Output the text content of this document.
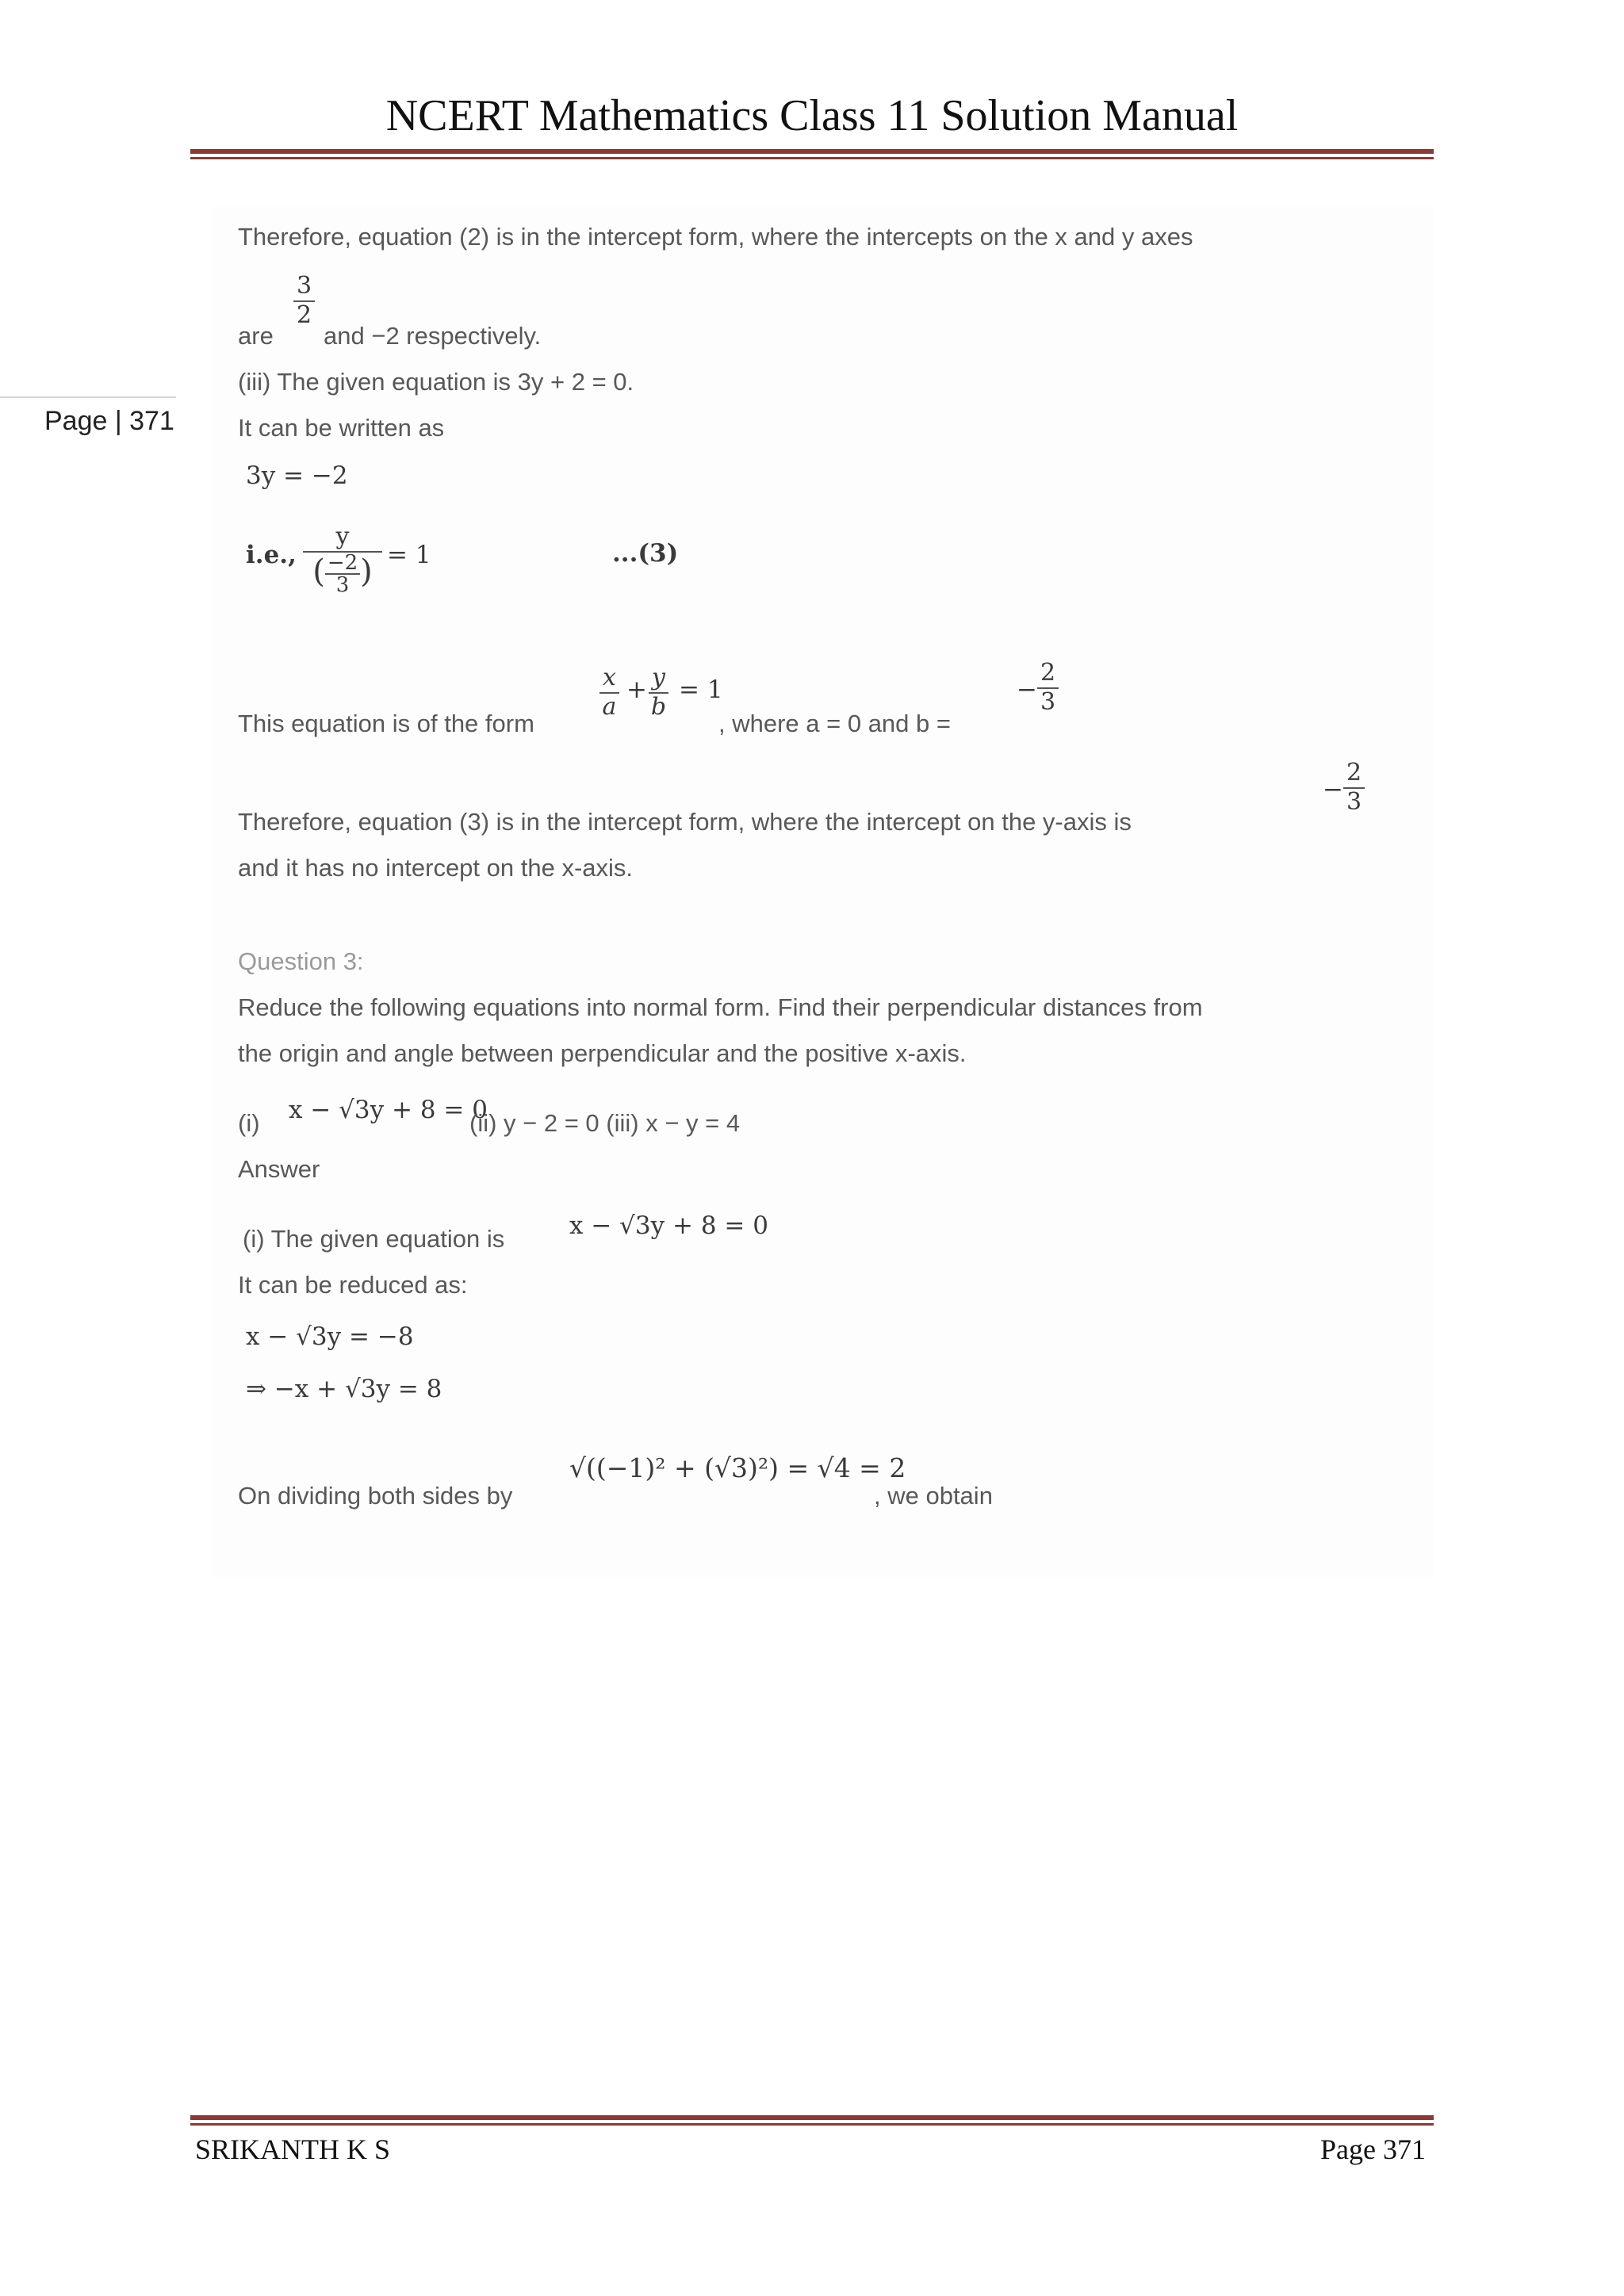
NCERT Mathematics Class 11 Solution Manual
Page | 371
Therefore, equation (2) is in the intercept form, where the intercepts on the x and y axes
are
$\frac{3}{2}$
and −2 respectively.
(iii) The given equation is 3y + 2 = 0.
It can be written as
3y = −2
i.e.,
y
( $\frac{-2}{3}$ ) = 1	...(3)
This equation is of the form
$\frac{x}{a} + \frac{y}{b} = 1$
, where a = 0 and b =
− $\frac{2}{3}$
Therefore, equation (3) is in the intercept form, where the intercept on the y-axis is
− $\frac{2}{3}$
and it has no intercept on the x-axis.
Question 3:
Reduce the following equations into normal form. Find their perpendicular distances from
the origin and angle between perpendicular and the positive x-axis.
(i) x − √3y + 8 = 0
(ii) y − 2 = 0 (iii) x − y = 4
Answer
(i) The given equation is	x − √3y + 8 = 0
It can be reduced as:
x − √3y = −8
⇒ −x + √3y = 8
On dividing both sides by
√((−1)² + (√3)²) = √4 = 2
, we obtain
SRIKANTH K S	Page 371
